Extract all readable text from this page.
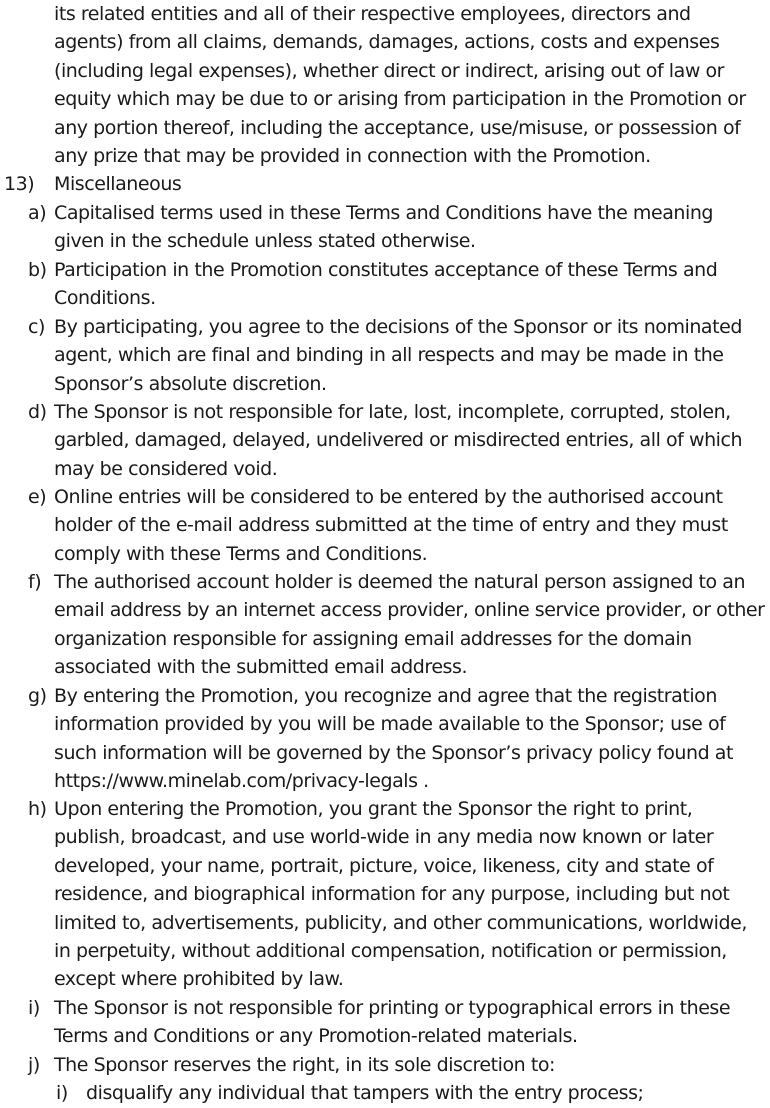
its related entities and all of their respective employees, directors and
agents) from all claims, demands, damages, actions, costs and expenses
(including legal expenses), whether direct or indirect, arising out of law or
equity which may be due to or arising from participation in the Promotion or
any portion thereof, including the acceptance, use/misuse, or possession of
any prize that may be provided in connection with the Promotion.
13) Miscellaneous
a) Capitalised terms used in these Terms and Conditions have the meaning
given in the schedule unless stated otherwise.
b) Participation in the Promotion constitutes acceptance of these Terms and
Conditions.
c) By participating, you agree to the decisions of the Sponsor or its nominated
agent, which are final and binding in all respects and may be made in the
Sponsor’s absolute discretion.
d) The Sponsor is not responsible for late, lost, incomplete, corrupted, stolen,
garbled, damaged, delayed, undelivered or misdirected entries, all of which
may be considered void.
e) Online entries will be considered to be entered by the authorised account
holder of the e-mail address submitted at the time of entry and they must
comply with these Terms and Conditions.
f) The authorised account holder is deemed the natural person assigned to an
email address by an internet access provider, online service provider, or other
organization responsible for assigning email addresses for the domain
associated with the submitted email address.
g) By entering the Promotion, you recognize and agree that the registration
information provided by you will be made available to the Sponsor; use of
such information will be governed by the Sponsor’s privacy policy found at
https://www.minelab.com/privacy-legals .
h) Upon entering the Promotion, you grant the Sponsor the right to print,
publish, broadcast, and use world-wide in any media now known or later
developed, your name, portrait, picture, voice, likeness, city and state of
residence, and biographical information for any purpose, including but not
limited to, advertisements, publicity, and other communications, worldwide,
in perpetuity, without additional compensation, notification or permission,
except where prohibited by law.
i) The Sponsor is not responsible for printing or typographical errors in these
Terms and Conditions or any Promotion-related materials.
j) The Sponsor reserves the right, in its sole discretion to:
i) disqualify any individual that tampers with the entry process;
